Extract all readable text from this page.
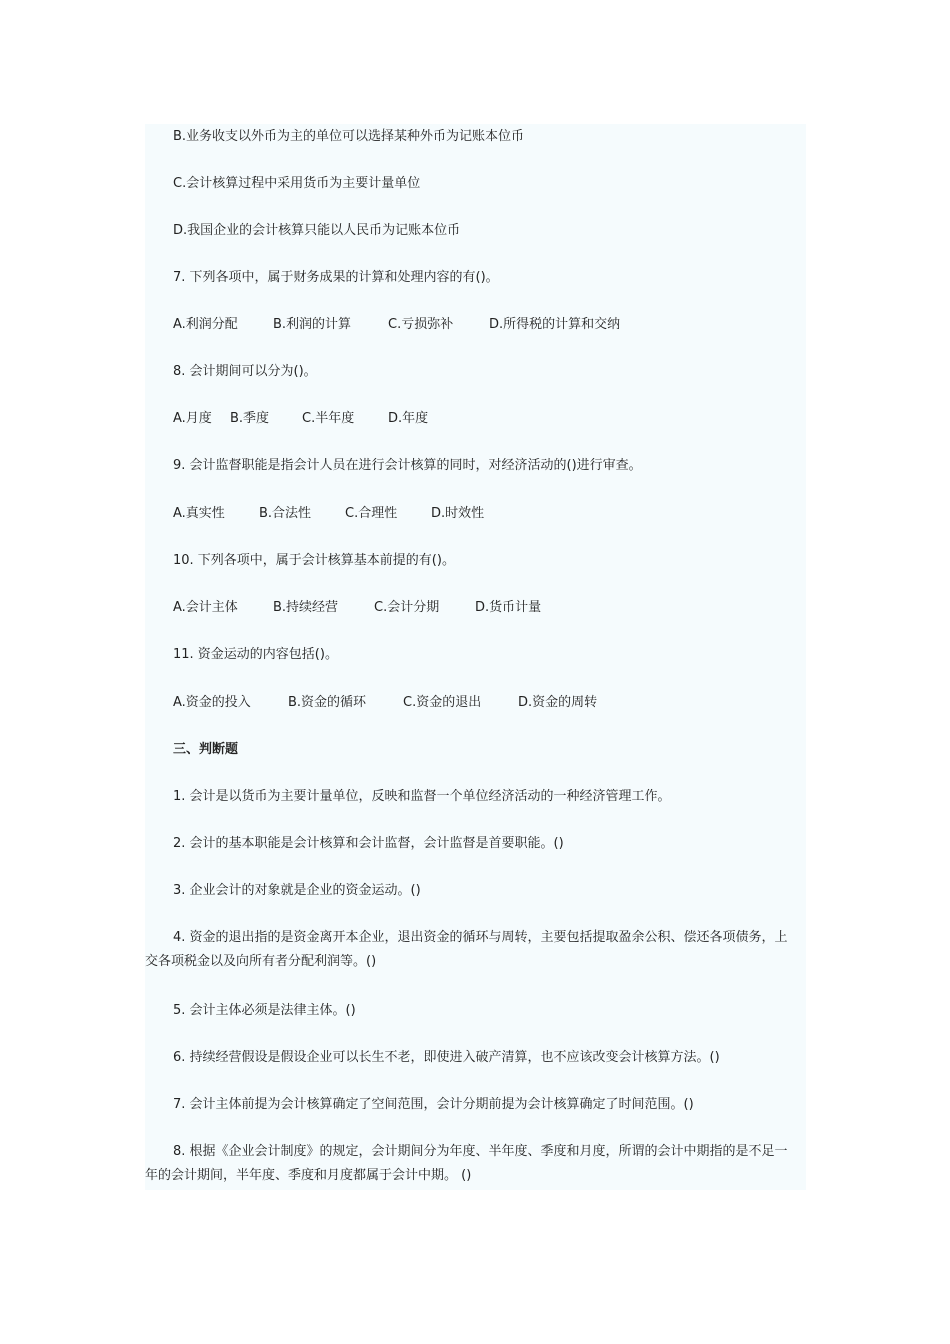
B.业务收支以外币为主的单位可以选择某种外币为记账本位币
C.会计核算过程中采用货币为主要计量单位
D.我国企业的会计核算只能以人民币为记账本位币
7. 下列各项中，属于财务成果的计算和处理内容的有()。
A.利润分配	B.利润的计算	C.亏损弥补	D.所得税的计算和交纳
8. 会计期间可以分为()。
A.月度 B.季度	C.半年度	D.年度
9. 会计监督职能是指会计人员在进行会计核算的同时，对经济活动的()进行审查。
A.真实性	B.合法性	C.合理性	D.时效性
10. 下列各项中，属于会计核算基本前提的有()。
A.会计主体	B.持续经营	C.会计分期	D.货币计量
11. 资金运动的内容包括()。
A.资金的投入	B.资金的循环	C.资金的退出	D.资金的周转
三、判断题
1. 会计是以货币为主要计量单位，反映和监督一个单位经济活动的一种经济管理工作。
2. 会计的基本职能是会计核算和会计监督，会计监督是首要职能。()
3. 企业会计的对象就是企业的资金运动。()
4. 资金的退出指的是资金离开本企业，退出资金的循环与周转，主要包括提取盈余公积、偿还各项债务，上交各项税金以及向所有者分配利润等。()
5. 会计主体必须是法律主体。()
6. 持续经营假设是假设企业可以长生不老，即使进入破产清算，也不应该改变会计核算方法。()
7. 会计主体前提为会计核算确定了空间范围，会计分期前提为会计核算确定了时间范围。()
8. 根据《企业会计制度》的规定，会计期间分为年度、半年度、季度和月度，所谓的会计中期指的是不足一年的会计期间，半年度、季度和月度都属于会计中期。 ()
